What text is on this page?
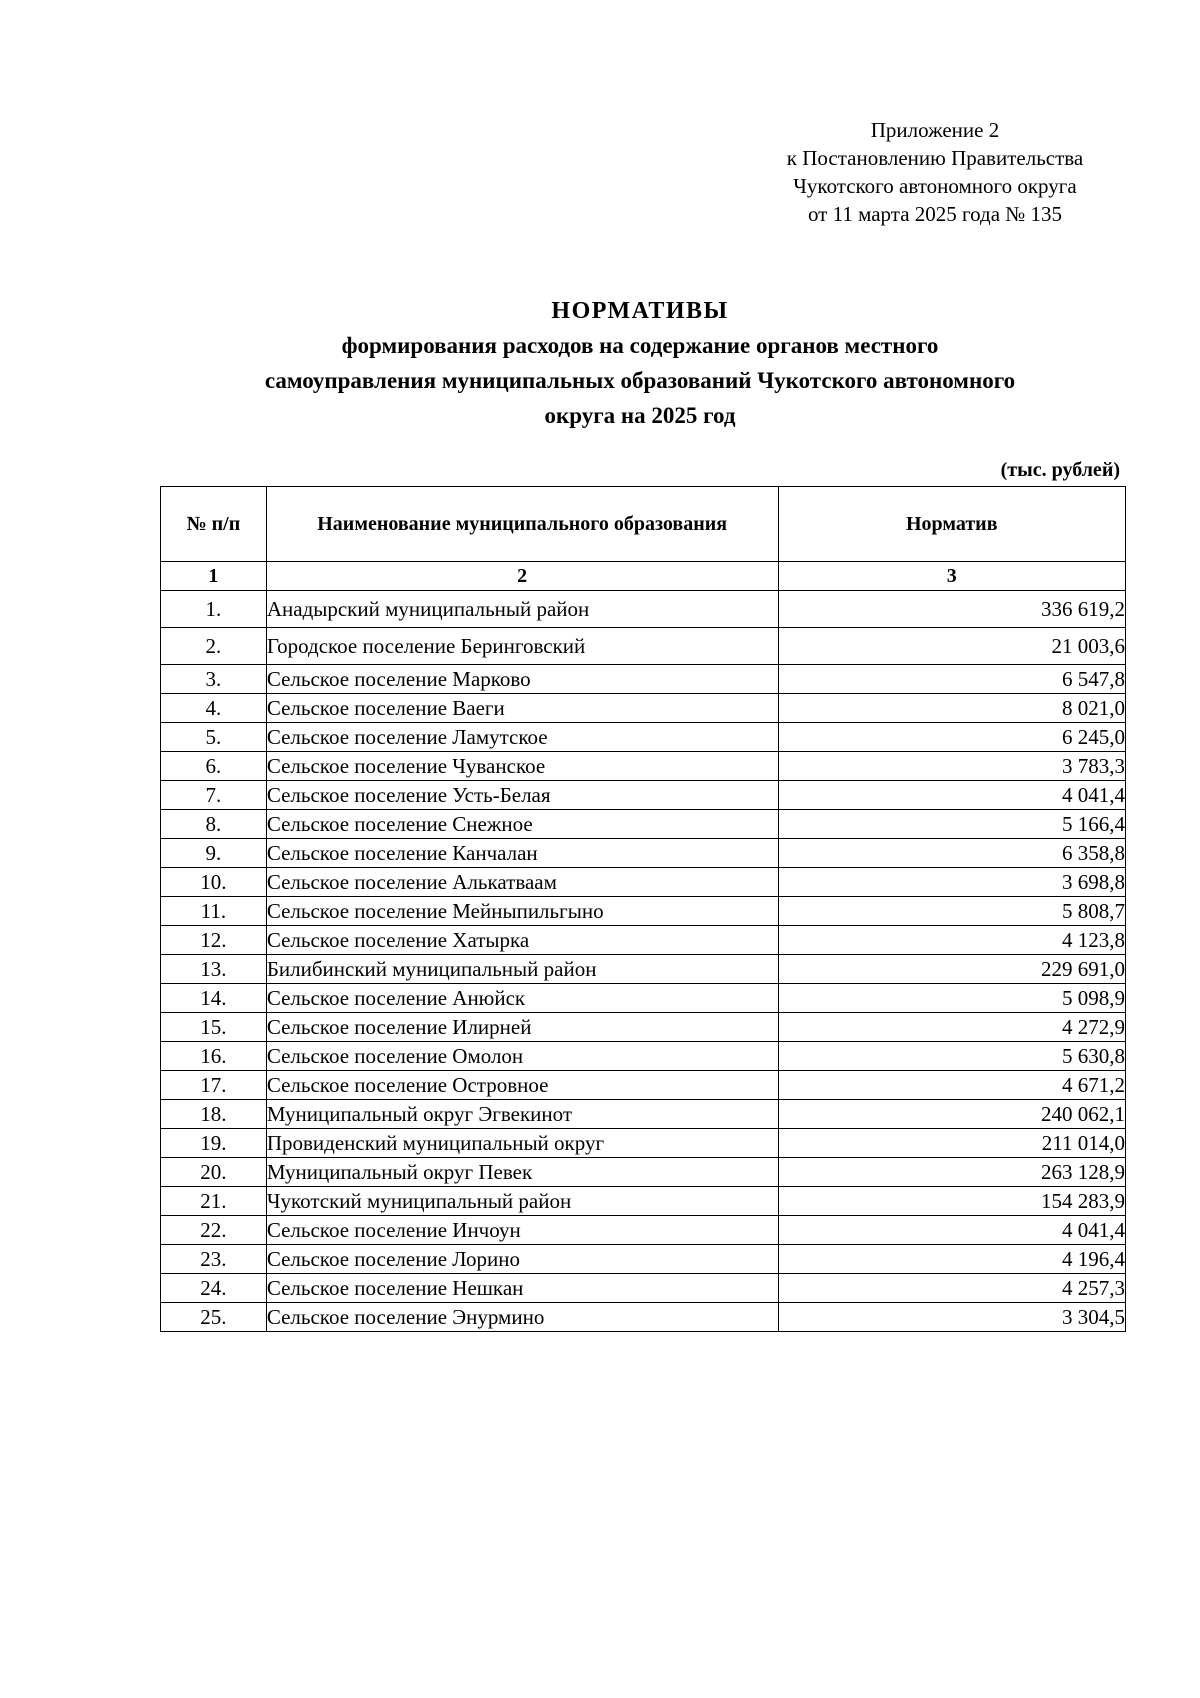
Приложение 2
к Постановлению Правительства
Чукотского автономного округа
от 11 марта 2025 года № 135
НОРМАТИВЫ
формирования расходов на содержание органов местного
самоуправления муниципальных образований Чукотского автономного
округа на 2025 год
(тыс. рублей)
№ п/п	Наименование муниципального образования	Норматив
1	2	3
1.	Анадырский муниципальный район	336 619,2
2.	Городское поселение Беринговский	21 003,6
3.	Сельское поселение Марково	6 547,8
4.	Сельское поселение Ваеги	8 021,0
5.	Сельское поселение Ламутское	6 245,0
6.	Сельское поселение Чуванское	3 783,3
7.	Сельское поселение Усть-Белая	4 041,4
8.	Сельское поселение Снежное	5 166,4
9.	Сельское поселение Канчалан	6 358,8
10.	Сельское поселение Алькатваам	3 698,8
11.	Сельское поселение Мейныпильгыно	5 808,7
12.	Сельское поселение Хатырка	4 123,8
13.	Билибинский муниципальный район	229 691,0
14.	Сельское поселение Анюйск	5 098,9
15.	Сельское поселение Илирней	4 272,9
16.	Сельское поселение Омолон	5 630,8
17.	Сельское поселение Островное	4 671,2
18.	Муниципальный округ Эгвекинот	240 062,1
19.	Провиденский муниципальный округ	211 014,0
20.	Муниципальный округ Певек	263 128,9
21.	Чукотский муниципальный район	154 283,9
22.	Сельское поселение Инчоун	4 041,4
23.	Сельское поселение Лорино	4 196,4
24.	Сельское поселение Нешкан	4 257,3
25.	Сельское поселение Энурмино	3 304,5
